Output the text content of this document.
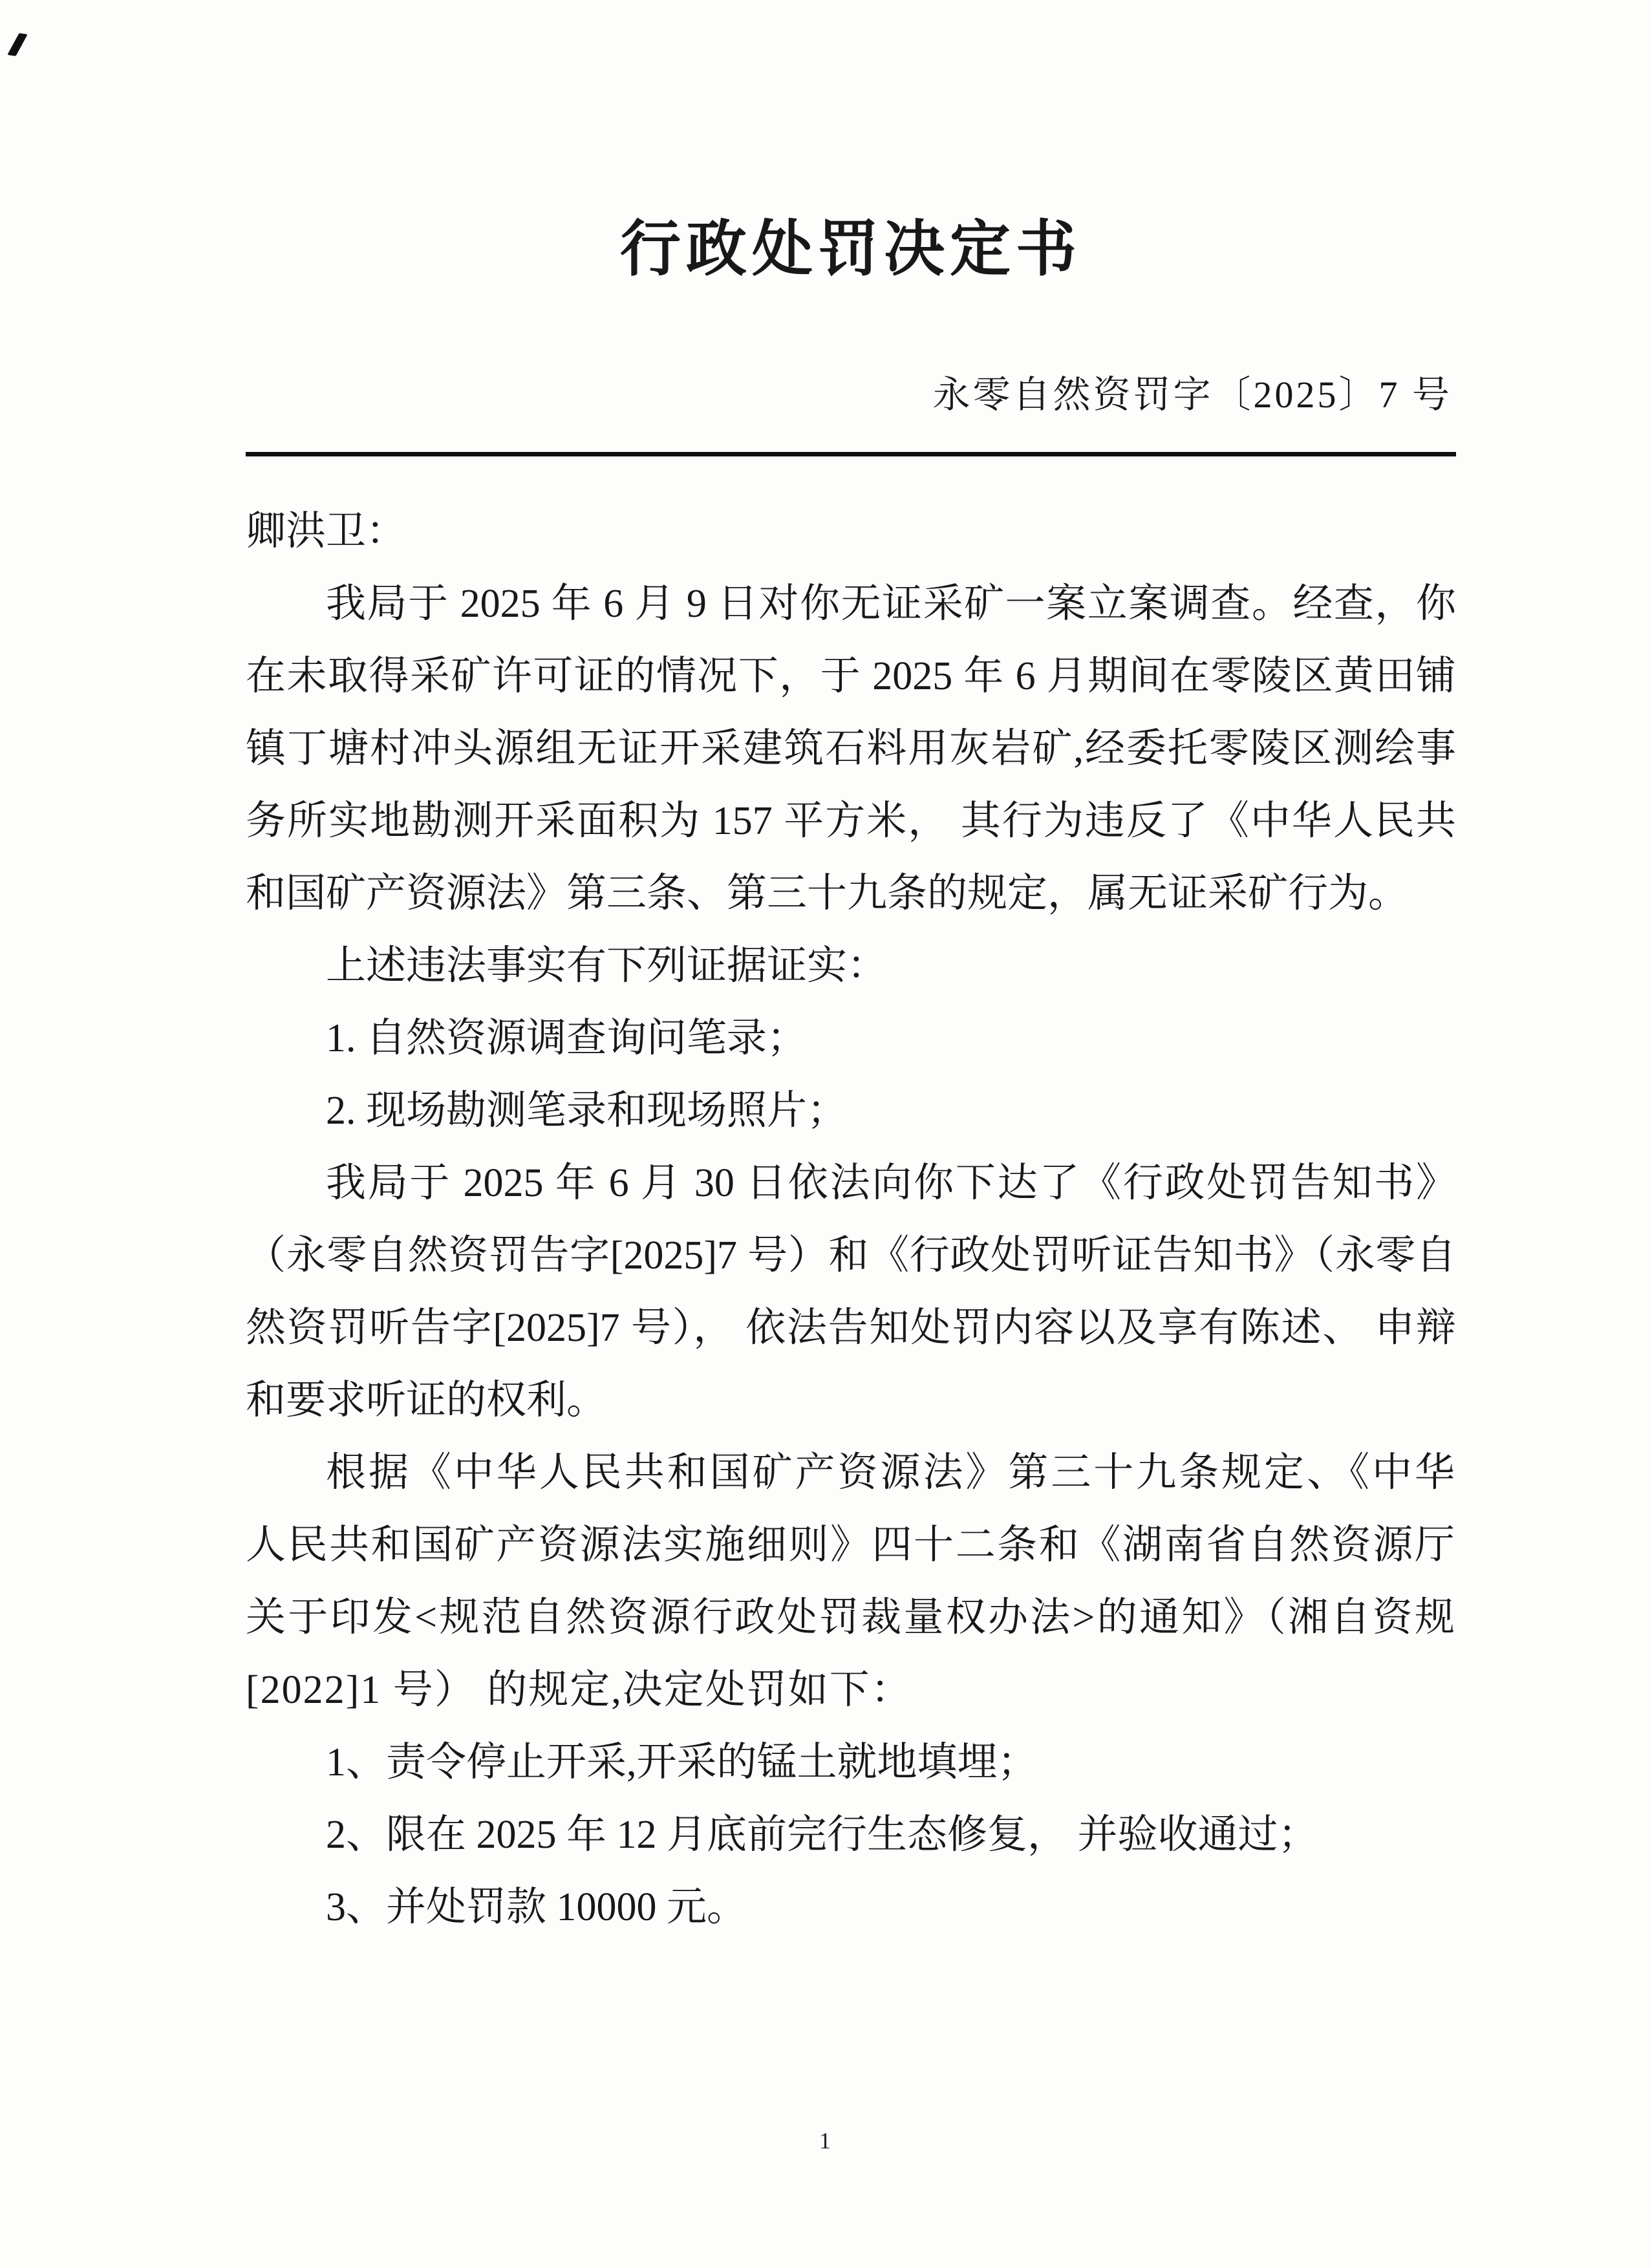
行政处罚决定书
永零自然资罚字〔2025〕7 号

卿洪卫：

我局于 2025 年 6 月 9 日对你无证采矿一案立案调查。经查，你在未取得采矿许可证的情况下，于 2025 年 6 月期间在零陵区黄田铺镇丁塘村冲头源组无证开采建筑石料用灰岩矿,经委托零陵区测绘事务所实地勘测开采面积为 157 平方米， 其行为违反了《中华人民共和国矿产资源法》第三条、第三十九条的规定，属无证采矿行为。

上述违法事实有下列证据证实：

1. 自然资源调查询问笔录；

2. 现场勘测笔录和现场照片；

我局于 2025 年 6 月 30 日依法向你下达了《行政处罚告知书》（永零自然资罚告字[2025]7 号）和《行政处罚听证告知书》（永零自然资罚听告字[2025]7 号）， 依法告知处罚内容以及享有陈述、 申辩和要求听证的权利。

根据《中华人民共和国矿产资源法》第三十九条规定、《中华人民共和国矿产资源法实施细则》四十二条和《湖南省自然资源厅关于印发<规范自然资源行政处罚裁量权办法>的通知》（湘自资规[2022]1 号） 的规定,决定处罚如下：

1、责令停止开采,开采的锰土就地填埋；

2、限在 2025 年 12 月底前完行生态修复， 并验收通过；

3、并处罚款 10000 元。

1
